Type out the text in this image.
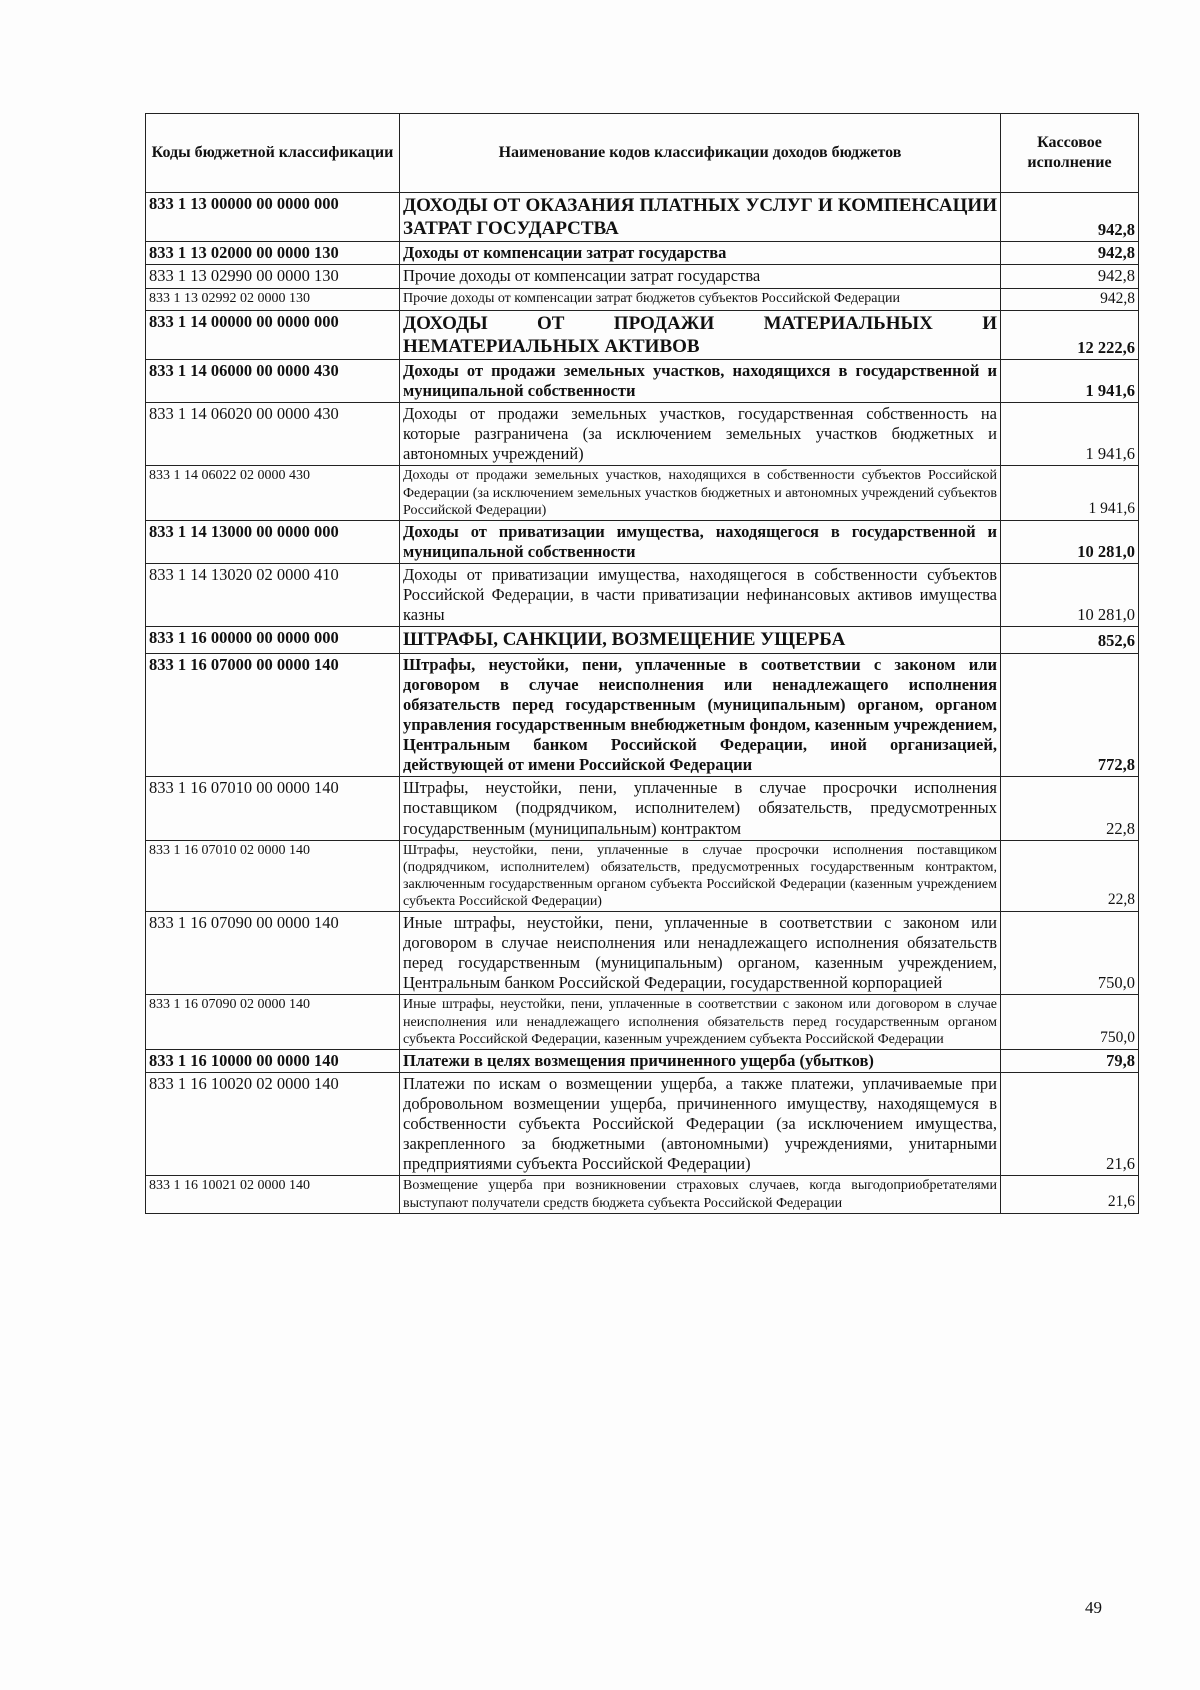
Коды бюджетной классификации	Наименование кодов классификации доходов бюджетов	Кассовое исполнение
833 1 13 00000 00 0000 000	ДОХОДЫ ОТ ОКАЗАНИЯ ПЛАТНЫХ УСЛУГ И КОМПЕНСАЦИИ ЗАТРАТ ГОСУДАРСТВА	942,8
833 1 13 02000 00 0000 130	Доходы от компенсации затрат государства	942,8
833 1 13 02990 00 0000 130	Прочие доходы от компенсации затрат государства	942,8
833 1 13 02992 02 0000 130	Прочие доходы от компенсации затрат бюджетов субъектов Российской Федерации	942,8
833 1 14 00000 00 0000 000	ДОХОДЫ ОТ ПРОДАЖИ МАТЕРИАЛЬНЫХ И НЕМАТЕРИАЛЬНЫХ АКТИВОВ	12 222,6
833 1 14 06000 00 0000 430	Доходы от продажи земельных участков, находящихся в государственной и муниципальной собственности	1 941,6
833 1 14 06020 00 0000 430	Доходы от продажи земельных участков, государственная собственность на которые разграничена (за исключением земельных участков бюджетных и автономных учреждений)	1 941,6
833 1 14 06022 02 0000 430	Доходы от продажи земельных участков, находящихся в собственности субъектов Российской Федерации (за исключением земельных участков бюджетных и автономных учреждений субъектов Российской Федерации)	1 941,6
833 1 14 13000 00 0000 000	Доходы от приватизации имущества, находящегося в государственной и муниципальной собственности	10 281,0
833 1 14 13020 02 0000 410	Доходы от приватизации имущества, находящегося в собственности субъектов Российской Федерации, в части приватизации нефинансовых активов имущества казны	10 281,0
833 1 16 00000 00 0000 000	ШТРАФЫ, САНКЦИИ, ВОЗМЕЩЕНИЕ УЩЕРБА	852,6
833 1 16 07000 00 0000 140	Штрафы, неустойки, пени, уплаченные в соответствии с законом или договором в случае неисполнения или ненадлежащего исполнения обязательств перед государственным (муниципальным) органом, органом управления государственным внебюджетным фондом, казенным учреждением, Центральным банком Российской Федерации, иной организацией, действующей от имени Российской Федерации	772,8
833 1 16 07010 00 0000 140	Штрафы, неустойки, пени, уплаченные в случае просрочки исполнения поставщиком (подрядчиком, исполнителем) обязательств, предусмотренных государственным (муниципальным) контрактом	22,8
833 1 16 07010 02 0000 140	Штрафы, неустойки, пени, уплаченные в случае просрочки исполнения поставщиком (подрядчиком, исполнителем) обязательств, предусмотренных государственным контрактом, заключенным государственным органом субъекта Российской Федерации (казенным учреждением субъекта Российской Федерации)	22,8
833 1 16 07090 00 0000 140	Иные штрафы, неустойки, пени, уплаченные в соответствии с законом или договором в случае неисполнения или ненадлежащего исполнения обязательств перед государственным (муниципальным) органом, казенным учреждением, Центральным банком Российской Федерации, государственной корпорацией	750,0
833 1 16 07090 02 0000 140	Иные штрафы, неустойки, пени, уплаченные в соответствии с законом или договором в случае неисполнения или ненадлежащего исполнения обязательств перед государственным органом субъекта Российской Федерации, казенным учреждением субъекта Российской Федерации	750,0
833 1 16 10000 00 0000 140	Платежи в целях возмещения причиненного ущерба (убытков)	79,8
833 1 16 10020 02 0000 140	Платежи по искам о возмещении ущерба, а также платежи, уплачиваемые при добровольном возмещении ущерба, причиненного имуществу, находящемуся в собственности субъекта Российской Федерации (за исключением имущества, закрепленного за бюджетными (автономными) учреждениями, унитарными предприятиями субъекта Российской Федерации)	21,6
833 1 16 10021 02 0000 140	Возмещение ущерба при возникновении страховых случаев, когда выгодоприобретателями выступают получатели средств бюджета субъекта Российской Федерации	21,6
49
